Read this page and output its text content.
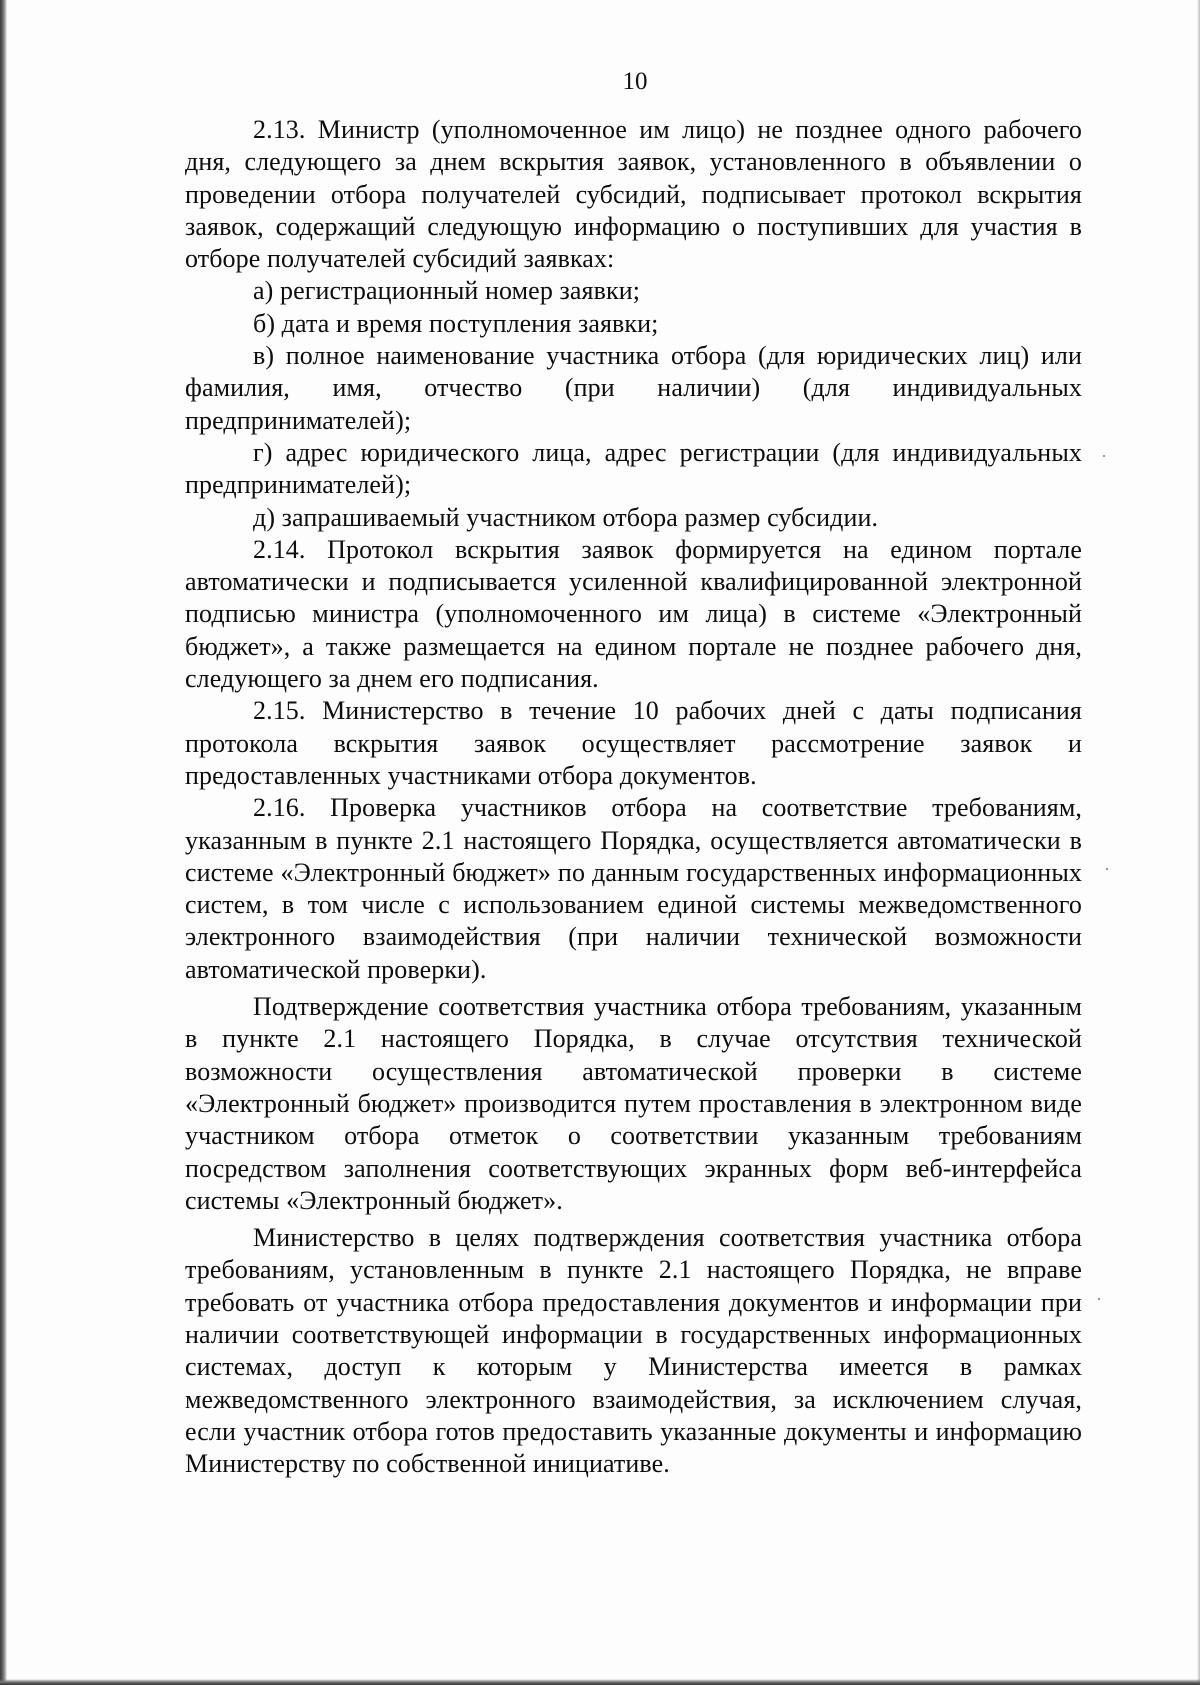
10

2.13. Министр (уполномоченное им лицо) не позднее одного рабочего дня, следующего за днем вскрытия заявок, установленного в объявлении о проведении отбора получателей субсидий, подписывает протокол вскрытия заявок, содержащий следующую информацию о поступивших для участия в отборе получателей субсидий заявках:

а) регистрационный номер заявки;

б) дата и время поступления заявки;

в) полное наименование участника отбора (для юридических лиц) или фамилия, имя, отчество (при наличии) (для индивидуальных предпринимателей);

г) адрес юридического лица, адрес регистрации (для индивидуальных предпринимателей);

д) запрашиваемый участником отбора размер субсидии.

2.14. Протокол вскрытия заявок формируется на едином портале автоматически и подписывается усиленной квалифицированной электронной подписью министра (уполномоченного им лица) в системе «Электронный бюджет», а также размещается на едином портале не позднее рабочего дня, следующего за днем его подписания.

2.15. Министерство в течение 10 рабочих дней с даты подписания протокола вскрытия заявок осуществляет рассмотрение заявок и предоставленных участниками отбора документов.

2.16. Проверка участников отбора на соответствие требованиям, указанным в пункте 2.1 настоящего Порядка, осуществляется автоматически в системе «Электронный бюджет» по данным государственных информационных систем, в том числе с использованием единой системы межведомственного электронного взаимодействия (при наличии технической возможности автоматической проверки).

Подтверждение соответствия участника отбора требованиям, указанным в пункте 2.1 настоящего Порядка, в случае отсутствия технической возможности осуществления автоматической проверки в системе «Электронный бюджет» производится путем проставления в электронном виде участником отбора отметок о соответствии указанным требованиям посредством заполнения соответствующих экранных форм веб-интерфейса системы «Электронный бюджет».

Министерство в целях подтверждения соответствия участника отбора требованиям, установленным в пункте 2.1 настоящего Порядка, не вправе требовать от участника отбора предоставления документов и информации при наличии соответствующей информации в государственных информационных системах, доступ к которым у Министерства имеется в рамках межведомственного электронного взаимодействия, за исключением случая, если участник отбора готов предоставить указанные документы и информацию Министерству по собственной инициативе.
